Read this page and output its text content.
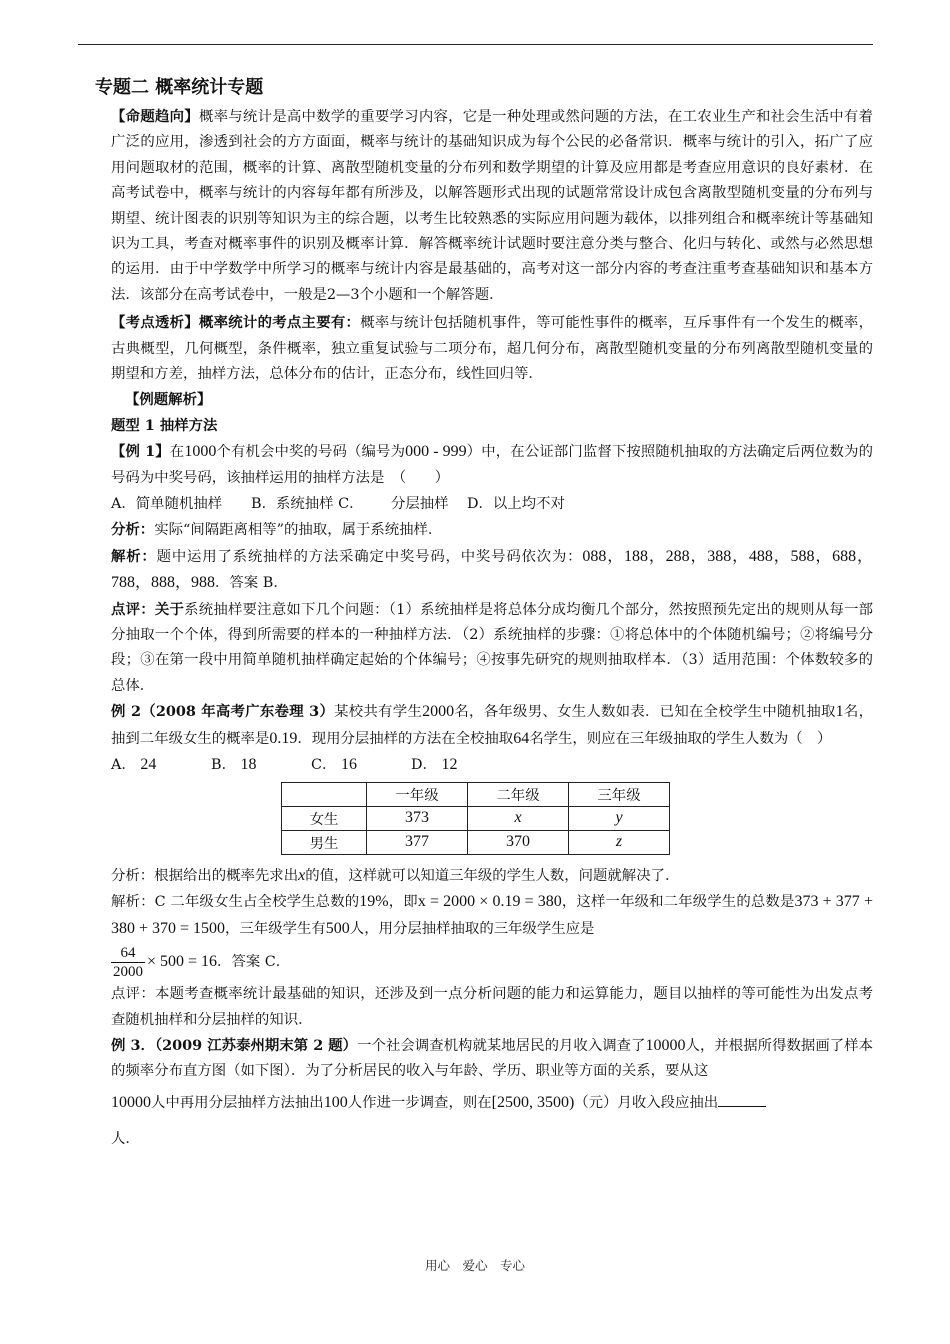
专题二 概率统计专题

【命题趋向】概率与统计是高中数学的重要学习内容，它是一种处理或然问题的方法，在工农业生产和社会生活中有着广泛的应用，渗透到社会的方方面面，概率与统计的基础知识成为每个公民的必备常识．概率与统计的引入，拓广了应用问题取材的范围，概率的计算、离散型随机变量的分布列和数学期望的计算及应用都是考查应用意识的良好素材．在高考试卷中，概率与统计的内容每年都有所涉及，以解答题形式出现的试题常常设计成包含离散型随机变量的分布列与期望、统计图表的识别等知识为主的综合题，以考生比较熟悉的实际应用问题为载体，以排列组合和概率统计等基础知识为工具，考查对概率事件的识别及概率计算．解答概率统计试题时要注意分类与整合、化归与转化、或然与必然思想的运用．由于中学数学中所学习的概率与统计内容是最基础的，高考对这一部分内容的考查注重考查基础知识和基本方法．该部分在高考试卷中，一般是2—3个小题和一个解答题．

【考点透析】概率统计的考点主要有：概率与统计包括随机事件，等可能性事件的概率，互斥事件有一个发生的概率，古典概型，几何概型，条件概率，独立重复试验与二项分布，超几何分布，离散型随机变量的分布列离散型随机变量的期望和方差，抽样方法，总体分布的估计，正态分布，线性回归等．

【例题解析】
题型 1 抽样方法

【例 1】在1000个有机会中奖的号码（编号为000 - 999）中，在公证部门监督下按照随机抽取的方法确定后两位数为的号码为中奖号码，该抽样运用的抽样方法是　（　　）

A．简单随机抽样 B．系统抽样 C． 分层抽样 D．以上均不对

分析：实际“间隔距离相等”的抽取，属于系统抽样．

解析：题中运用了系统抽样的方法采确定中奖号码，中奖号码依次为：088，188，288，388，488，588，688，788，888，988．答案 B．

点评：关于系统抽样要注意如下几个问题：（1）系统抽样是将总体分成均衡几个部分，然按照预先定出的规则从每一部分抽取一个个体，得到所需要的样本的一种抽样方法．（2）系统抽样的步骤：①将总体中的个体随机编号；②将编号分段；③在第一段中用简单随机抽样确定起始的个体编号；④按事先研究的规则抽取样本．（3）适用范围：个体数较多的总体．

例 2（2008 年高考广东卷理 3）某校共有学生2000名，各年级男、女生人数如表．已知在全校学生中随机抽取1名，抽到二年级女生的概率是0.19．现用分层抽样的方法在全校抽取64名学生，则应在三年级抽取的学生人数为（　）

A． 24	B． 18	C． 16	D． 12
	一年级	二年级	三年级
女生	373	x	y
男生	377	370	z

分析：根据给出的概率先求出x的值，这样就可以知道三年级的学生人数，问题就解决了．

解析：C 二年级女生占全校学生总数的19%，即x = 2000 × 0.19 = 380，这样一年级和二年级学生的总数是373 + 377 + 380 + 370 = 1500，三年级学生有500人，用分层抽样抽取的三年级学生应是

$\frac{64}{2000} \times 500 = 16$．答案 C．

点评：本题考查概率统计最基础的知识，还涉及到一点分析问题的能力和运算能力，题目以抽样的等可能性为出发点考查随机抽样和分层抽样的知识．

例 3．（2009 江苏泰州期末第 2 题）一个社会调查机构就某地居民的月收入调查了10000人，并根据所得数据画了样本的频率分布直方图（如下图）．为了分析居民的收入与年龄、学历、职业等方面的关系，要从这

10000人中再用分层抽样方法抽出100人作进一步调查，则在[2500, 3500)（元）月收入段应抽出

人．

用心　爱心　专心
